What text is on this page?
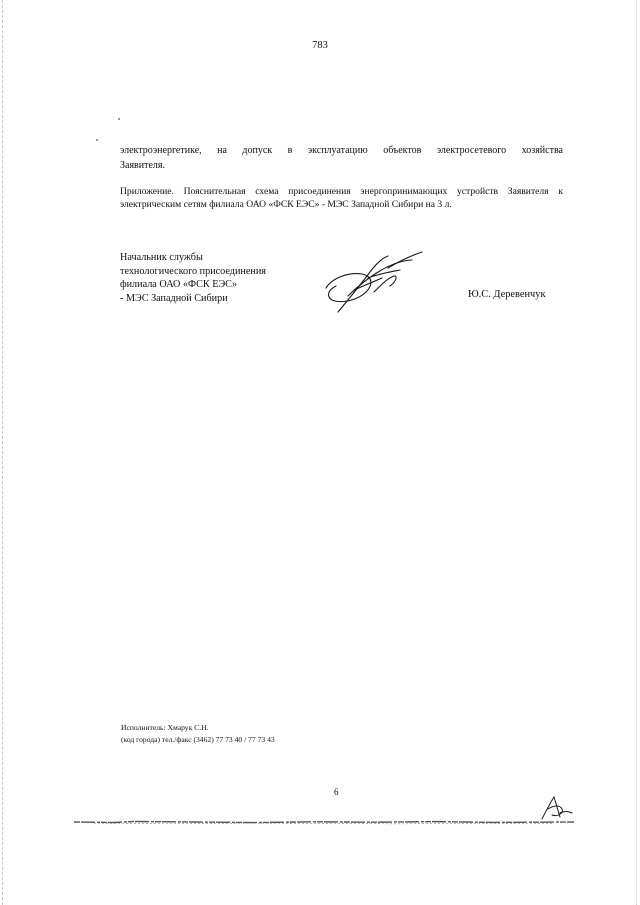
783
электроэнергетике, на допуск в эксплуатацию объектов электросетевого хозяйства
Заявителя.
Приложение. Пояснительная схема присоединения энергопринимающих устройств Заявителя к
электрическим сетям филиала ОАО «ФСК ЕЭС» - МЭС Западной Сибири на 3 л.
Начальник службы
технологического присоединения
филиала ОАО «ФСК ЕЭС»
- МЭС Западной Сибири	Ю.С. Деревенчук
Исполнитель: Хмарук С.Н.
(код города) тел./факс (3462) 77 73 40 / 77 73 43
6
